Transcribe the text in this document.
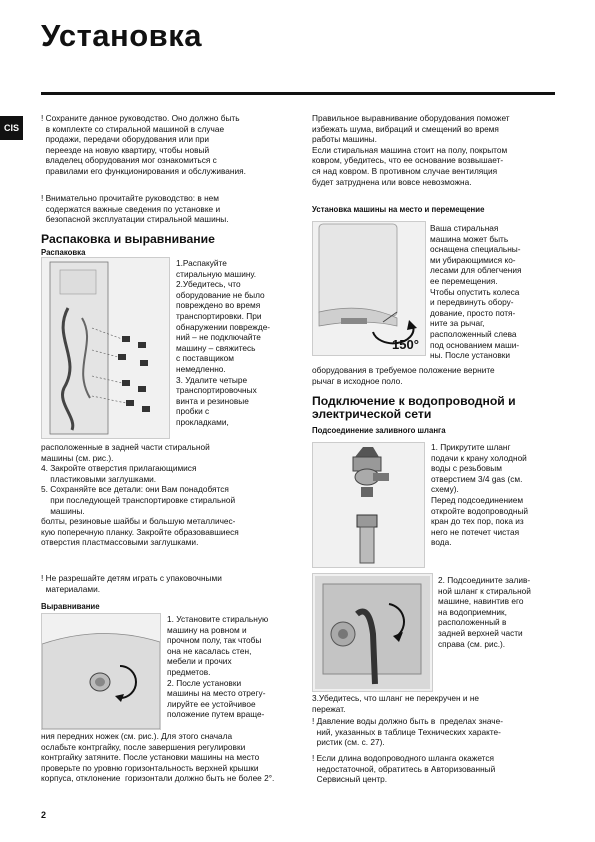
Установка
CIS
! Сохраните данное руководство. Оно должно быть
в комплекте со стиральной машиной в случае
продажи, передачи оборудования или при
переезде на новую квартиру, чтобы новый
владелец оборудования мог ознакомиться с
правилами его функционирования и обслуживания.
! Внимательно прочитайте руководство: в нем
содержатся важные сведения по установке и
безопасной эксплуатации стиральной машины.
Распаковка и выравнивание
Распаковка
1.Распакуйте
стиральную машину.
2.Убедитесь, что
оборудование не было
повреждено во время
транспортировки. При
обнаружении поврежде-
ний – не подключайте
машину – свяжитесь
с поставщиком
немедленно.
3. Удалите четыре
транспортировочных
винта и резиновые
пробки с
прокладками,
расположенные в задней части стиральной
машины (см. рис.).
4. Закройте отверстия прилагающимися
пластиковыми заглушками.
5. Сохраняйте все детали: они Вам понадобятся
при последующей транспортировке стиральной
машины.
болты, резиновые шайбы и большую металличес-
кую поперечную планку. Закройте образовавшиеся
отверстия пластмассовыми заглушками.
! Не разрешайте детям играть с упаковочными
материалами.
Выравнивание
1. Установите стиральную
машину на ровном и
прочном полу, так чтобы
она не касалась стен,
мебели и прочих
предметов.
2. После установки
машины на место отрегу-
лируйте ее устойчивое
положение путем враще-
ния передних ножек (см. рис.). Для этого сначала
ослабьте контргайку, после завершения регулировки
контргайку затяните. После установки машины на место
проверьте по уровню горизонтальность верхней крышки
корпуса, отклонение  горизонтали должно быть не более 2°.
Правильное выравнивание оборудования поможет
избежать шума, вибраций и смещений во время
работы машины.
Если стиральная машина стоит на полу, покрытом
ковром, убедитесь, что ее основание возвышает-
ся над ковром. В противном случае вентиляция
будет затруднена или вовсе невозможна.
Установка машины на место и перемещение
150°
Ваша стиральная
машина может быть
оснащена специальны-
ми убирающимися ко-
лесами для облегчения
ее перемещения.
Чтобы опустить колеса
и передвинуть обору-
дование, просто потя-
ните за рычаг,
расположенный слева
под основанием маши-
ны. После установки
оборудования в требуемое положение верните
рычаг в исходное поло.
Подключение к водопроводной и
электрической сети
Подсоединение заливного шланга
1. Прикрутите шланг
подачи к крану холодной
воды с резьбовым
отверстием 3/4 gas (см.
схему).
Перед подсоединением
откройте водопроводный
кран до тех пор, пока из
него не потечет чистая
вода.
2. Подсоедините залив-
ной шланг к стиральной
машине, навинтив его
на водоприемник,
расположенный в
задней верхней части
справа (см. рис.).
3.Убедитесь, что шланг не перекручен и не
пережат.
! Давление воды должно быть в  пределах значе-
ний, указанных в таблице Технических характе-
ристик (см. с. 27).
! Если длина водопроводного шланга окажется
недостаточной, обратитесь в Авторизованный
Сервисный центр.
2
